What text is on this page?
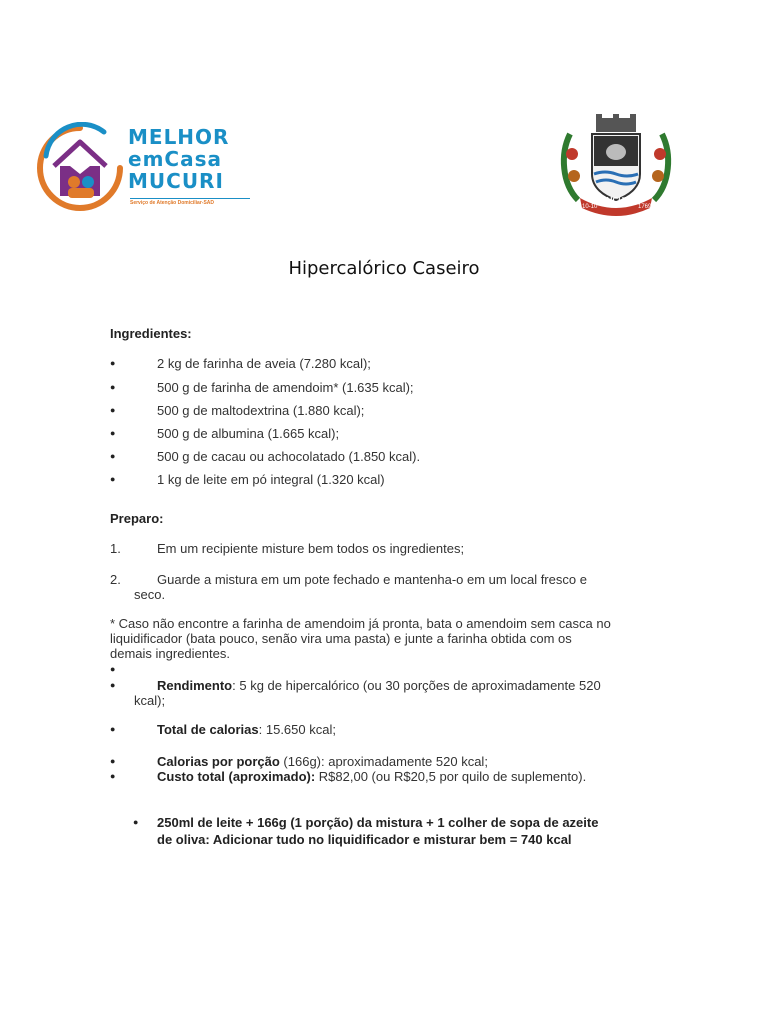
MELHOR
emCasa
MUCURI
Serviço de Atenção Domiciliar-SAD	MUCURI
10-10	1769
Hipercalórico Caseiro
Ingredientes:
●	2 kg de farinha de aveia (7.280 kcal);
●	500 g de farinha de amendoim* (1.635 kcal);
●	500 g de maltodextrina (1.880 kcal);
●	500 g de albumina (1.665 kcal);
●	500 g de cacau ou achocolatado (1.850 kcal).
●	1 kg de leite em pó integral (1.320 kcal)
Preparo:
1.	Em um recipiente misture bem todos os ingredientes;
2.	Guarde a mistura em um pote fechado e mantenha-o em um local fresco e
seco.
* Caso não encontre a farinha de amendoim já pronta, bata o amendoim sem casca no
liquidificador (bata pouco, senão vira uma pasta) e junte a farinha obtida com os
demais ingredientes.
●
●	Rendimento: 5 kg de hipercalórico (ou 30 porções de aproximadamente 520
kcal);
●	Total de calorias: 15.650 kcal;
●	Calorias por porção (166g): aproximadamente 520 kcal;
●	Custo total (aproximado): R$82,00 (ou R$20,5 por quilo de suplemento).
● 250ml de leite + 166g (1 porção) da mistura + 1 colher de sopa de azeite
de oliva: Adicionar tudo no liquidificador e misturar bem = 740 kcal
